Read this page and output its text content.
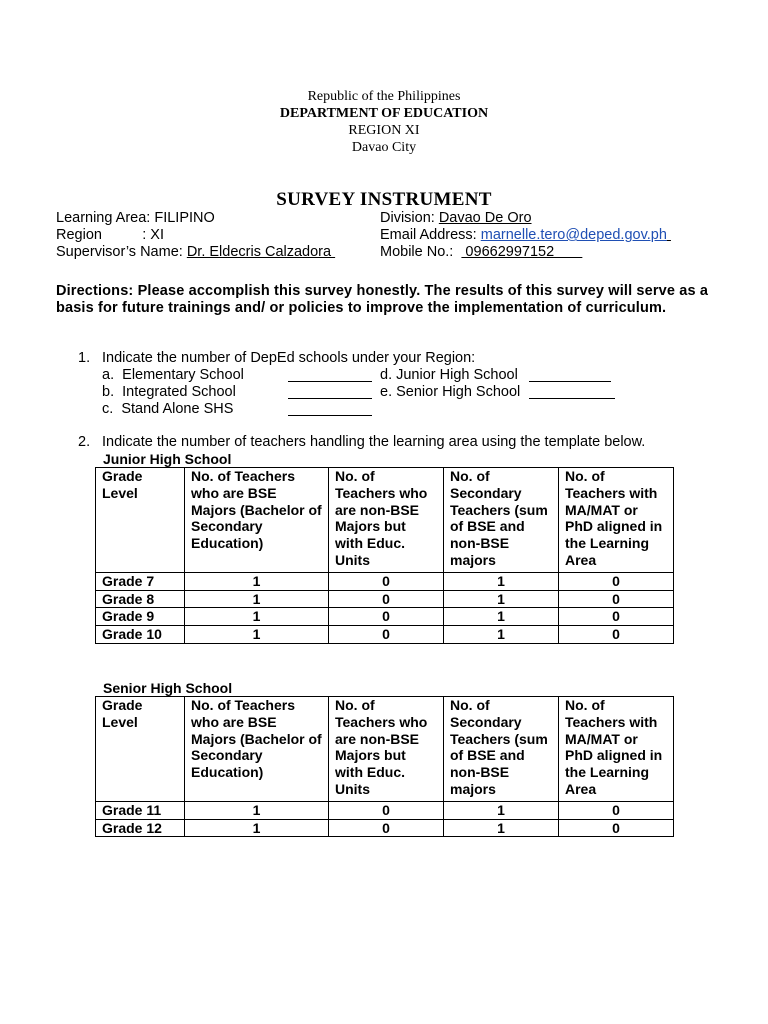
Republic of the Philippines
DEPARTMENT OF EDUCATION
REGION XI
Davao City
SURVEY INSTRUMENT
Learning Area: FILIPINO	Division: Davao De Oro
Region          : XI	Email Address: marnelle.tero@deped.gov.ph
Supervisor’s Name: Dr. Eldecris Calzadora	Mobile No.:   09662997152
Directions: Please accomplish this survey honestly. The results of this survey will serve as a basis for future trainings and/ or policies to improve the implementation of curriculum.
1. Indicate the number of DepEd schools under your Region:
a.  Elementary School	d. Junior High School
b.  Integrated School	e. Senior High School
c.  Stand Alone SHS
2. Indicate the number of teachers handling the learning area using the template below.
Junior High School
Grade Level	No. of Teachers who are BSE Majors (Bachelor of Secondary Education)	No. of Teachers who are non-BSE Majors but with Educ. Units	No. of Secondary Teachers (sum of BSE and non-BSE majors	No. of Teachers with MA/MAT or PhD aligned in the Learning Area
Grade 7	1	0	1	0
Grade 8	1	0	1	0
Grade 9	1	0	1	0
Grade 10	1	0	1	0
Senior High School
Grade Level	No. of Teachers who are BSE Majors (Bachelor of Secondary Education)	No. of Teachers who are non-BSE Majors but with Educ. Units	No. of Secondary Teachers (sum of BSE and non-BSE majors	No. of Teachers with MA/MAT or PhD aligned in the Learning Area
Grade 11	1	0	1	0
Grade 12	1	0	1	0
